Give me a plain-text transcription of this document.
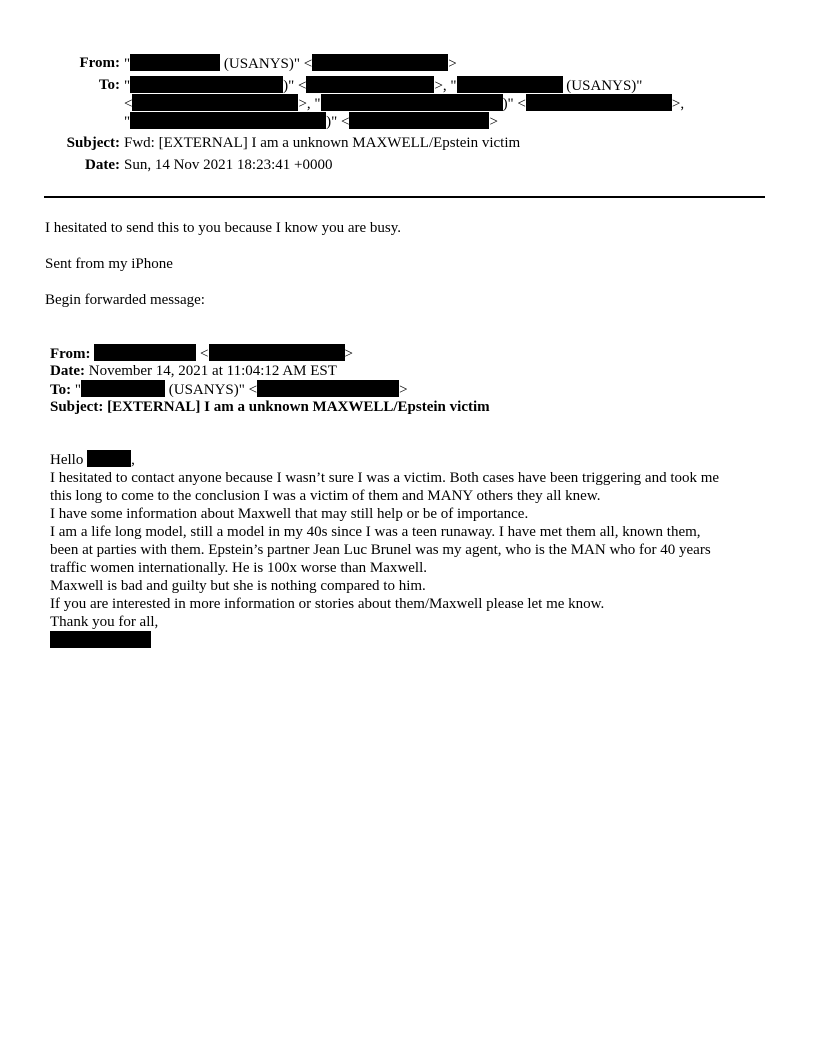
From: "	(USANYS)" <	>
To: "	)" <	>, "	(USANYS)"
<	>, "	)" <	>,
"	)" <	>
Subject: Fwd: [EXTERNAL] I am a unknown MAXWELL/Epstein victim
Date: Sun, 14 Nov 2021 18:23:41 +0000
I hesitated to send this to you because I know you are busy.
Sent from my iPhone
Begin forwarded message:
From:	<	>
Date: November 14, 2021 at 11:04:12 AM EST
To: "	(USANYS)" <	>
Subject: [EXTERNAL] I am a unknown MAXWELL/Epstein victim
Hello	,
I hesitated to contact anyone because I wasn’t sure I was a victim. Both cases have been triggering and took me
this long to come to the conclusion I was a victim of them and MANY others they all knew.
I have some information about Maxwell that may still help or be of importance.
I am a life long model, still a model in my 40s since I was a teen runaway. I have met them all, known them,
been at parties with them. Epstein’s partner Jean Luc Brunel was my agent, who is the MAN who for 40 years
traffic women internationally. He is 100x worse than Maxwell.
Maxwell is bad and guilty but she is nothing compared to him.
If you are interested in more information or stories about them/Maxwell please let me know.
Thank you for all,
